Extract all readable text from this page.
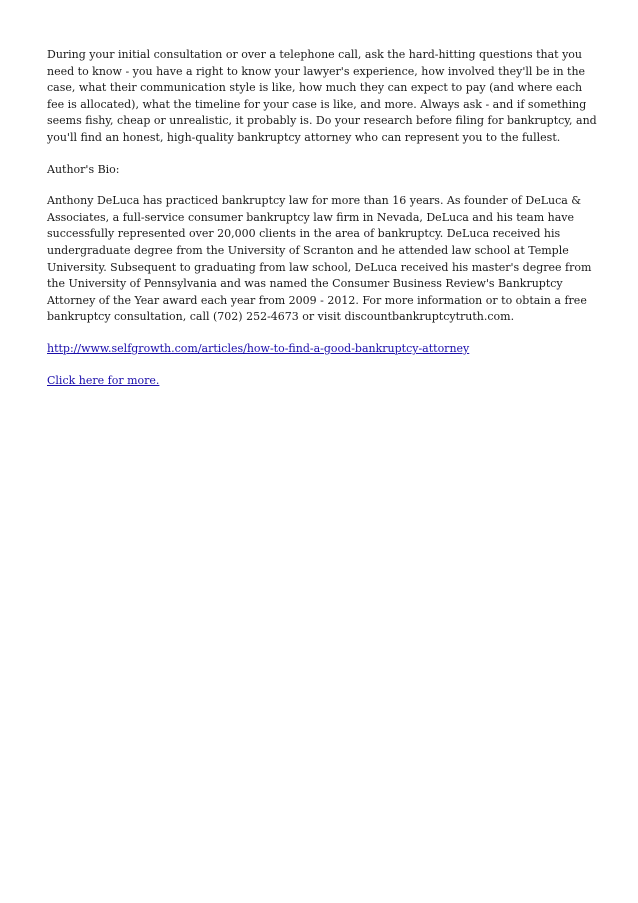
During your initial consultation or over a telephone call, ask the hard-hitting questions that you need to know - you have a right to know your lawyer's experience, how involved they'll be in the case, what their communication style is like, how much they can expect to pay (and where each fee is allocated), what the timeline for your case is like, and more. Always ask - and if something seems fishy, cheap or unrealistic, it probably is. Do your research before filing for bankruptcy, and you'll find an honest, high-quality bankruptcy attorney who can represent you to the fullest.

Author's Bio:

Anthony DeLuca has practiced bankruptcy law for more than 16 years. As founder of DeLuca & Associates, a full-service consumer bankruptcy law firm in Nevada, DeLuca and his team have successfully represented over 20,000 clients in the area of bankruptcy. DeLuca received his undergraduate degree from the University of Scranton and he attended law school at Temple University. Subsequent to graduating from law school, DeLuca received his master's degree from the University of Pennsylvania and was named the Consumer Business Review's Bankruptcy Attorney of the Year award each year from 2009 - 2012. For more information or to obtain a free bankruptcy consultation, call (702) 252-4673 or visit discountbankruptcytruth.com.

http://www.selfgrowth.com/articles/how-to-find-a-good-bankruptcy-attorney

Click here for more.
